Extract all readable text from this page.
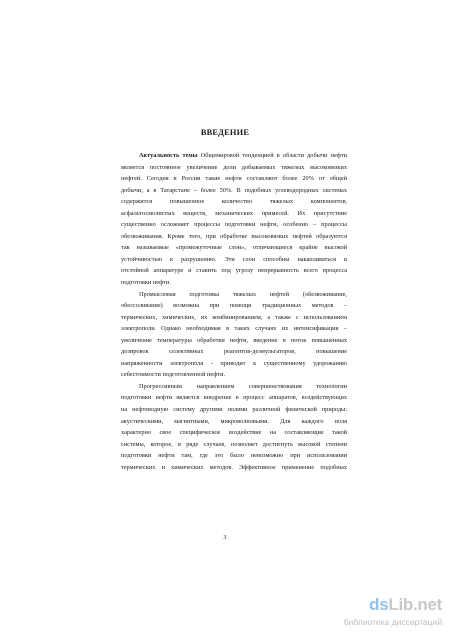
ВВЕДЕНИЕ

Актуальность темы Общемировой тенденцией в области добычи нефти
является постоянное увеличение доли добываемых тяжелых высоковязких
нефтей. Сегодня в России такие нефти составляют более 20% от общей
добычи, а в Татарстане – более 50%. В подобных углеводородных системах
содержится повышенное количество тяжелых компонентов,
асфальтосмолистых веществ, механических примесей. Их присутствие
существенно осложняет процессы подготовки нефти, особенно – процессы
обезвоживания. Кроме того, при обработке высоковязких нефтей образуются
так называемые «промежуточные слои», отличающиеся крайне высокой
устойчивостью к разрушению. Эти слои способны накапливаться в
отстойной аппаратуре и ставить под угрозу непрерывность всего процесса
подготовки нефти.

Промысловая подготовка тяжелых нефтей (обезвоживание,
обессоливание) возможна при помощи традиционных методов –
термических, химических, их комбинированием, а также с использованием
электрополя. Однако необходимая в таких случаях их интенсификация –
увеличение температуры обработки нефти, введение в поток повышенных
дозировок селективных реагентов-деэмульгаторов, повышение
напряженности электрополя - приводит к существенному удорожанию
себестоимости подготовленной нефти.

Прогрессивным направлением совершенствования технологии
подготовки нефти является внедрение в процесс аппаратов, воздействующих
на нефтеводную систему другими полями различной физической природы:
акустическими, магнитными, микроволновыми. Для каждого поля
характерно свое специфическое воздействие на составляющие такой
системы, которое, в ряде случаев, позволяет достигнуть высокой степени
подготовки нефти там, где это было невозможно при использовании
термических и химических методов. Эффективное применение подобных

3
dsLib.net
библиотека диссертаций
